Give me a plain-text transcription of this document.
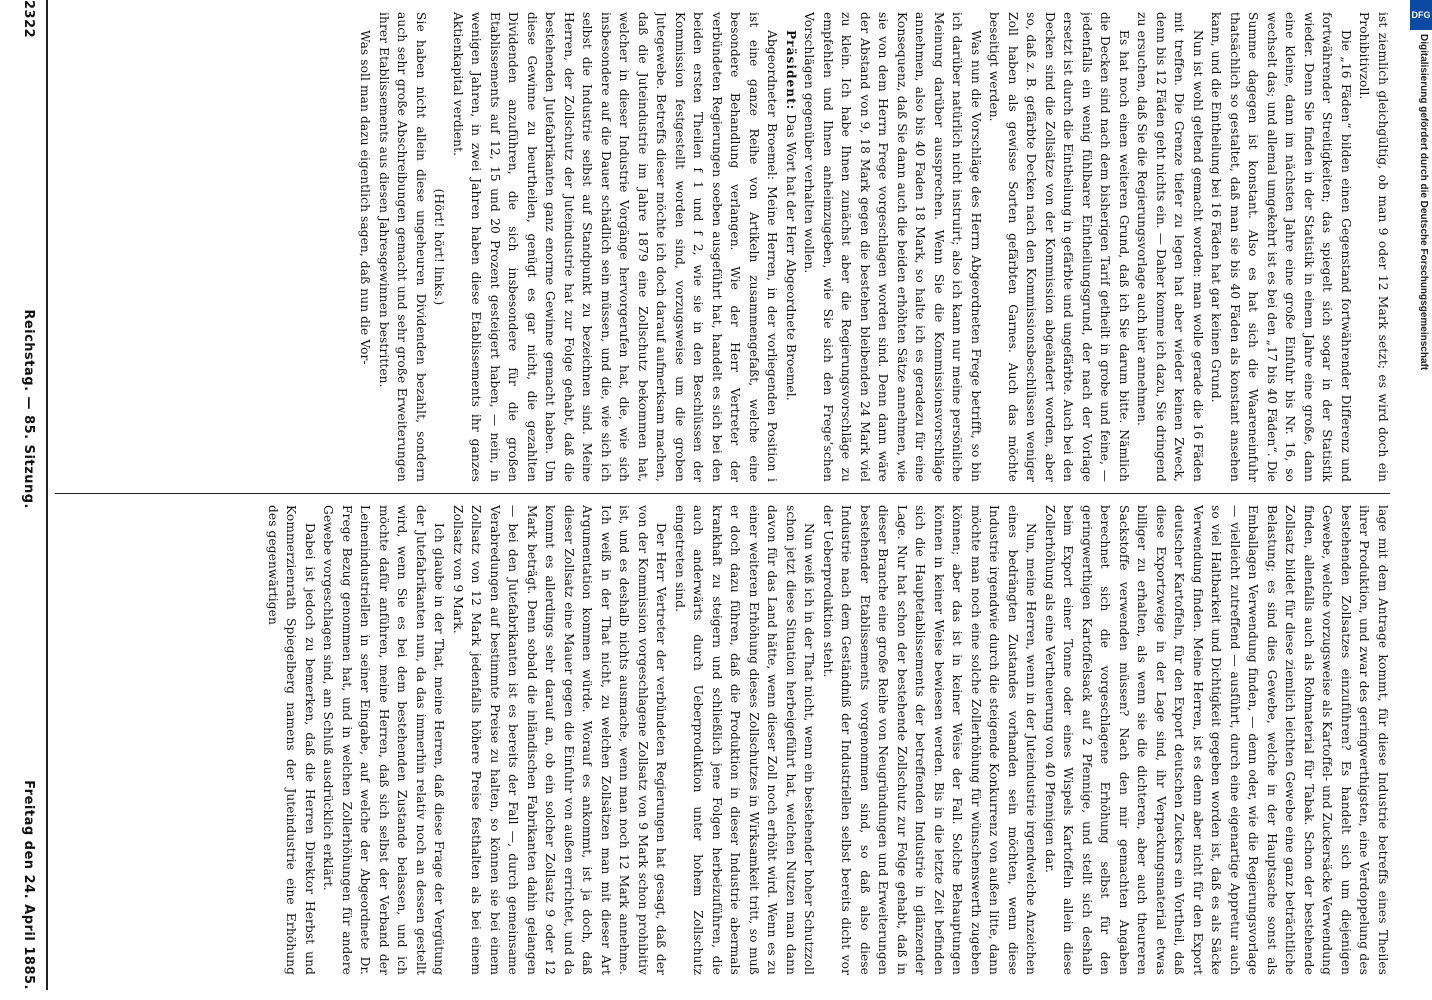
2322
Reichstag. — 85. Sitzung.
Freitag den 24. April 1885.	lage mit dem Antrage kommt, für diese Industrie betreffs eines Theiles ihrer Produktion, und zwar des geringwerthigsten, eine Verdoppelung des bestehenden Zollsatzes einzuführen? Es handelt sich um diejenigen Gewebe, welche vorzugsweise als Kartoffel- und Zuckersäcke Verwendung finden, allenfalls auch als Rohmaterial für Tabak. Schon der bestehende Zollsatz bildet für diese ziemlich leichten Gewebe eine ganz beträchtliche Belastung; es sind dies Gewebe, welche in der Hauptsache sonst als Emballagen Verwendung finden, — denn oder, wie die Regierungsvorlage — vielleicht zutreffend — ausführt, durch eine eigenartige Appretur auch so viel Haltbarkeit und Dichtigkeit gegeben worden ist, daß es als Säcke Verwendung finden. Meine Herren, ist es denn aber nicht für den Export deutscher Kartoffeln, für den Export deutschen Zuckers ein Vortheil, daß diese Exportzweige in der Lage sind, ihr Verpackungsmaterial etwas billiger zu erhalten, als wenn sie die dichteren, aber auch theureren Sackstoffe verwenden müssen? Nach den mir gemachten Angaben berechnet sich die vorgeschlagene Erhöhung selbst für den geringwerthigen Kartoffelsack auf 2 Pfennige, und stellt sich deshalb beim Export einer Tonne oder eines Wispels Kartoffeln allein diese Zollerhöhung als eine Vertheuerung von 40 Pfennigen dar.

Nun, meine Herren, wenn in der Juteindustrie irgendwelche Anzeichen eines bedrängten Zustandes vorhanden sein möchten, wenn diese Industrie irgendwie durch die steigende Konkurrenz von außen litte, dann möchte man noch eine solche Zollerhöhung für wünschenswerth zugeben können; aber das ist in keiner Weise der Fall. Solche Behauptungen können in keiner Weise bewiesen werden. Bis in die letzte Zeit befinden sich die Hauptetablissements der betreffenden Industrie in glänzender Lage. Nur hat schon der bestehende Zollschutz zur Folge gehabt, daß in dieser Branche eine große Reihe von Neugründungen und Erweiterungen bestehender Etablissements vorgenommen sind, so daß also diese Industrie nach dem Geständniß der Industriellen selbst bereits dicht vor der Ueberproduktion steht.

Nun weiß ich in der That nicht, wenn ein bestehender hoher Schutzzoll schon jetzt diese Situation herbeigeführt hat, welchen Nutzen man dann davon für das Land hätte, wenn dieser Zoll noch erhöht wird. Wenn es zu einer weiteren Erhöhung dieses Zollschutzes in Wirksamkeit tritt, so muß er doch dazu führen, daß die Produktion in dieser Industrie abermals krankhaft zu steigern und schließlich jene Folgen herbeizuführen, die auch anderwärts durch Ueberproduktion unter hohem Zollschutz eingetreten sind.

Der Herr Vertreter der verbündeten Regierungen hat gesagt, daß der von der Kommission vorgeschlagene Zollsatz von 9 Mark schon prohibitiv ist, und es deshalb nichts ausmache, wenn man noch 12 Mark annehme. Ich weiß in der That nicht, zu welchen Zollsätzen man mit dieser Art Argumentation kommen würde. Worauf es ankommt, ist ja doch, daß dieser Zollsatz eine Mauer gegen die Einfuhr von außen errichtet, und da kommt es allerdings sehr darauf an, ob ein solcher Zollsatz 9 oder 12 Mark beträgt. Denn sobald die inländischen Fabrikanten dahin gelangen — bei den Jutefabrikanten ist es bereits der Fall —, durch gemeinsame Verabredungen auf bestimmte Preise zu halten, so können sie bei einem Zollsatz von 12 Mark jedenfalls höhere Preise festhalten als bei einem Zollsatz von 9 Mark.

Ich glaube in der That, meine Herren, daß diese Frage der Vergütung der Jutefabrikanten nun, da das immerhin relativ noch an dessen gestellt wird, wenn Sie es bei dem bestehenden Zustande belassen, und ich möchte dafür anführen, meine Herren, daß sich selbst der Verband der Leinenindustriellen in seiner Eingabe, auf welche der Abgeordnete Dr. Frege Bezug genommen hat, und in welchen Zollerhöhungen für andere Gewebe vorgeschlagen sind, am Schluß ausdrücklich erklärt.

Dabei ist jedoch zu bemerken, daß die Herren Direktor Herbst und Kommerzienrath Spiegelberg namens der Juteindustrie eine Erhöhung des gegenwärtigen

ist ziemlich gleichgültig, ob man 9 oder 12 Mark setzt; es wird doch ein Prohibitivzoll.

Die „16 Fäden“ bilden einen Gegenstand fortwährender Differenz und fortwährender Streitigkeiten; das spiegelt sich sogar in der Statistik wieder. Denn Sie finden in der Statistik in einem Jahre eine große, dann eine kleine, dann im nächsten Jahre eine große Einfuhr bis Nr. 16, so wechselt das; und allemal umgekehrt ist es bei den „17 bis 40 Fäden“. Die Summe dagegen ist konstant. Also es hat sich die Waareneinfuhr thatsächlich so gestaltet, daß man sie bis 40 Fäden als konstant ansehen kann, und die Eintheilung bei 16 Fäden hat gar keinen Grund.

Nun ist wohl geltend gemacht worden: man wolle gerade die 16 Fäden mit treffen. Die Grenze tiefer zu legen hat aber wieder keinen Zweck, denn bis 12 Fäden geht nichts ein. — Daher komme ich dazu, Sie dringend zu ersuchen, daß Sie die Regierungsvorlage auch hier annehmen.

Es hat noch einen weiteren Grund, daß ich Sie darum bitte. Nämlich die Decken sind nach dem bisherigen Tarif getheilt in grobe und feine, — jedenfalls ein wenig fühlbarer Eintheilungsgrund, der nach der Vorlage ersetzt ist durch die Eintheilung in gefärbte und ungefärbte. Auch bei den Decken sind die Zollsätze von der Kommission abgeändert worden, aber so, daß z. B. gefärbte Decken nach den Kommissionsbeschlüssen weniger Zoll haben als gewisse Sorten gefärbten Garnes. Auch das möchte beseitigt werden.

Was nun die Vorschläge des Herrn Abgeordneten Frege betrifft, so bin ich darüber natürlich nicht instruirt; also ich kann nur meine persönliche Meinung darüber aussprechen. Wenn Sie die Kommissionsvorschläge annehmen, also bis 40 Faden 18 Mark, so halte ich es geradezu für eine Konsequenz, daß Sie dann auch die beiden erhöhten Sätze annehmen, wie sie von dem Herrn Frege vorgeschlagen worden sind. Denn dann wäre der Abstand von 9, 18 Mark gegen die bestehen bleibenden 24 Mark viel zu klein. Ich habe Ihnen zunächst aber die Regierungsvorschläge zu empfehlen und Ihnen anheimzugeben, wie Sie sich den Frege’schen Vorschlägen gegenüber verhalten wollen.

Präsident: Das Wort hat der Herr Abgeordnete Broemel.

Abgeordneter Broemel: Meine Herren, in der vorliegenden Position i ist eine ganze Reihe von Artikeln zusammengefaßt, welche eine besondere Behandlung verlangen. Wie der Herr Vertreter der verbündeten Regierungen soeben ausgeführt hat, handelt es sich bei den beiden ersten Theilen f 1 und f 2, wie sie in den Beschlüssen der Kommission festgestellt worden sind, vorzugsweise um die groben Jutegewebe. Betreffs dieser möchte ich doch darauf aufmerksam machen, daß die Juteindustrie im Jahre 1879 eine Zollschutz bekommen hat, welcher in dieser Industrie Vorgänge hervorgerufen hat, die, wie sich insbesondere auf die Dauer schädlich sein müssen, und die, wie sich ich selbst die Industrie selbst auf Standpunkt zu bezeichnen sind. Meine Herren, der Zollschutz der Juteindustrie hat zur Folge gehabt, daß die bestehenden Jutefabrikanten ganz enorme Gewinne gemacht haben. Um diese Gewinne zu beurtheilen, genügt es gar nicht, die gezahlten Dividenden anzuführen, die sich insbesondere für die großen Etablissements auf 12, 15 und 20 Prozent gesteigert haben, — nein, in wenigen Jahren, in zwei Jahren haben diese Etablissements ihr ganzes Aktienkapital verdient.

(Hört! hört! links.)

Sie haben nicht allein diese ungeheuren Dividenden bezahlt, sondern auch sehr große Abschreibungen gemacht und sehr große Erweiterungen ihrer Etablissements aus diesen Jahresgewinnen bestritten.

Was soll man dazu eigentlich sagen, daß nun die Vor-

DFG
Digitalisierung gefördert durch die Deutsche Forschungsgemeinschaft
